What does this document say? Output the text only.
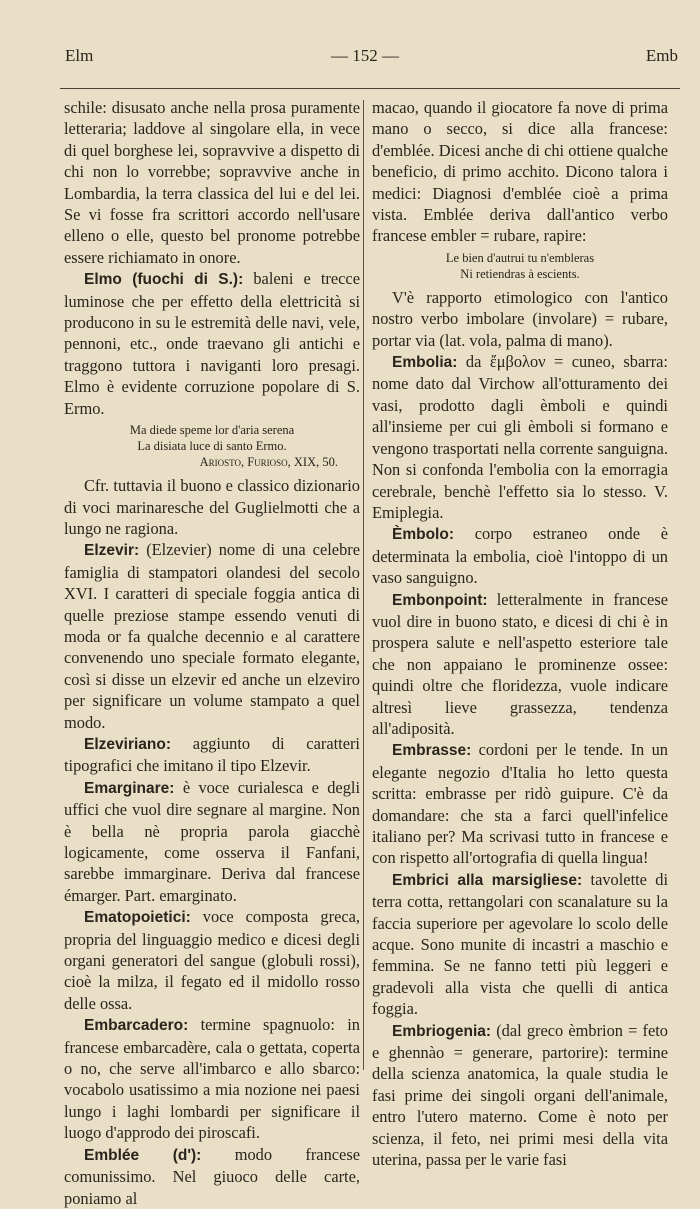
Elm	— 152 —	Emb

schile: disusato anche nella prosa puramente letteraria; laddove al singolare ella, in vece di quel borghese lei, sopravvive a dispetto di chi non lo vorrebbe; sopravvive anche in Lombardia, la terra classica del lui e del lei. Se vi fosse fra scrittori accordo nell'usare elleno o elle, questo bel pronome potrebbe essere richiamato in onore.

Elmo (fuochi di S.): baleni e trecce luminose che per effetto della elettricità si producono in su le estremità delle navi, vele, pennoni, etc., onde traevano gli antichi e traggono tuttora i naviganti loro presagi. Elmo è evidente corruzione popolare di S. Ermo.

Ma diede speme lor d'aria serena
La disiata luce di santo Ermo.
Ariosto, Furioso, XIX, 50.

Cfr. tuttavia il buono e classico dizionario di voci marinaresche del Guglielmotti che a lungo ne ragiona.

Elzevir: (Elzevier) nome di una celebre famiglia di stampatori olandesi del secolo XVI. I caratteri di speciale foggia antica di quelle preziose stampe essendo venuti di moda or fa qualche decennio e al carattere convenendo uno speciale formato elegante, così si disse un elzevir ed anche un elzeviro per significare un volume stampato a quel modo.

Elzeviriano: aggiunto di caratteri tipografici che imitano il tipo Elzevir.

Emarginare: è voce curialesca e degli uffici che vuol dire segnare al margine. Non è bella nè propria parola giacchè logicamente, come osserva il Fanfani, sarebbe immarginare. Deriva dal francese émarger. Part. emarginato.

Ematopoietici: voce composta greca, propria del linguaggio medico e dicesi degli organi generatori del sangue (globuli rossi), cioè la milza, il fegato ed il midollo rosso delle ossa.

Embarcadero: termine spagnuolo: in francese embarcadère, cala o gettata, coperta o no, che serve all'imbarco e allo sbarco: vocabolo usatissimo a mia nozione nei paesi lungo i laghi lombardi per significare il luogo d'approdo dei piroscafi.

Emblée (d'): modo francese comunissimo. Nel giuoco delle carte, poniamo al

macao, quando il giocatore fa nove di prima mano o secco, si dice alla francese: d'emblée. Dicesi anche di chi ottiene qualche beneficio, di primo acchito. Dicono talora i medici: Diagnosi d'emblée cioè a prima vista. Emblée deriva dall'antico verbo francese embler = rubare, rapire:

Le bien d'autrui tu n'embleras
Ni retiendras à escients.

V'è rapporto etimologico con l'antico nostro verbo imbolare (involare) = rubare, portar via (lat. vola, palma di mano).

Embolia: da ἔμβολον = cuneo, sbarra: nome dato dal Virchow all'otturamento dei vasi, prodotto dagli èmboli e quindi all'insieme per cui gli èmboli si formano e vengono trasportati nella corrente sanguigna. Non si confonda l'embolia con la emorragia cerebrale, benchè l'effetto sia lo stesso. V. Emiplegia.

Èmbolo: corpo estraneo onde è determinata la embolia, cioè l'intoppo di un vaso sanguigno.

Embonpoint: letteralmente in francese vuol dire in buono stato, e dicesi di chi è in prospera salute e nell'aspetto esteriore tale che non appaiano le prominenze ossee: quindi oltre che floridezza, vuole indicare altresì lieve grassezza, tendenza all'adiposità.

Embrasse: cordoni per le tende. In un elegante negozio d'Italia ho letto questa scritta: embrasse per ridò guipure. C'è da domandare: che sta a farci quell'infelice italiano per? Ma scrivasi tutto in francese e con rispetto all'ortografia di quella lingua!

Embrici alla marsigliese: tavolette di terra cotta, rettangolari con scanalature su la faccia superiore per agevolare lo scolo delle acque. Sono munite di incastri a maschio e femmina. Se ne fanno tetti più leggeri e gradevoli alla vista che quelli di antica foggia.

Embriogenia: (dal greco èmbrion = feto e ghennào = generare, partorire): termine della scienza anatomica, la quale studia le fasi prime dei singoli organi dell'animale, entro l'utero materno. Come è noto per scienza, il feto, nei primi mesi della vita uterina, passa per le varie fasi
